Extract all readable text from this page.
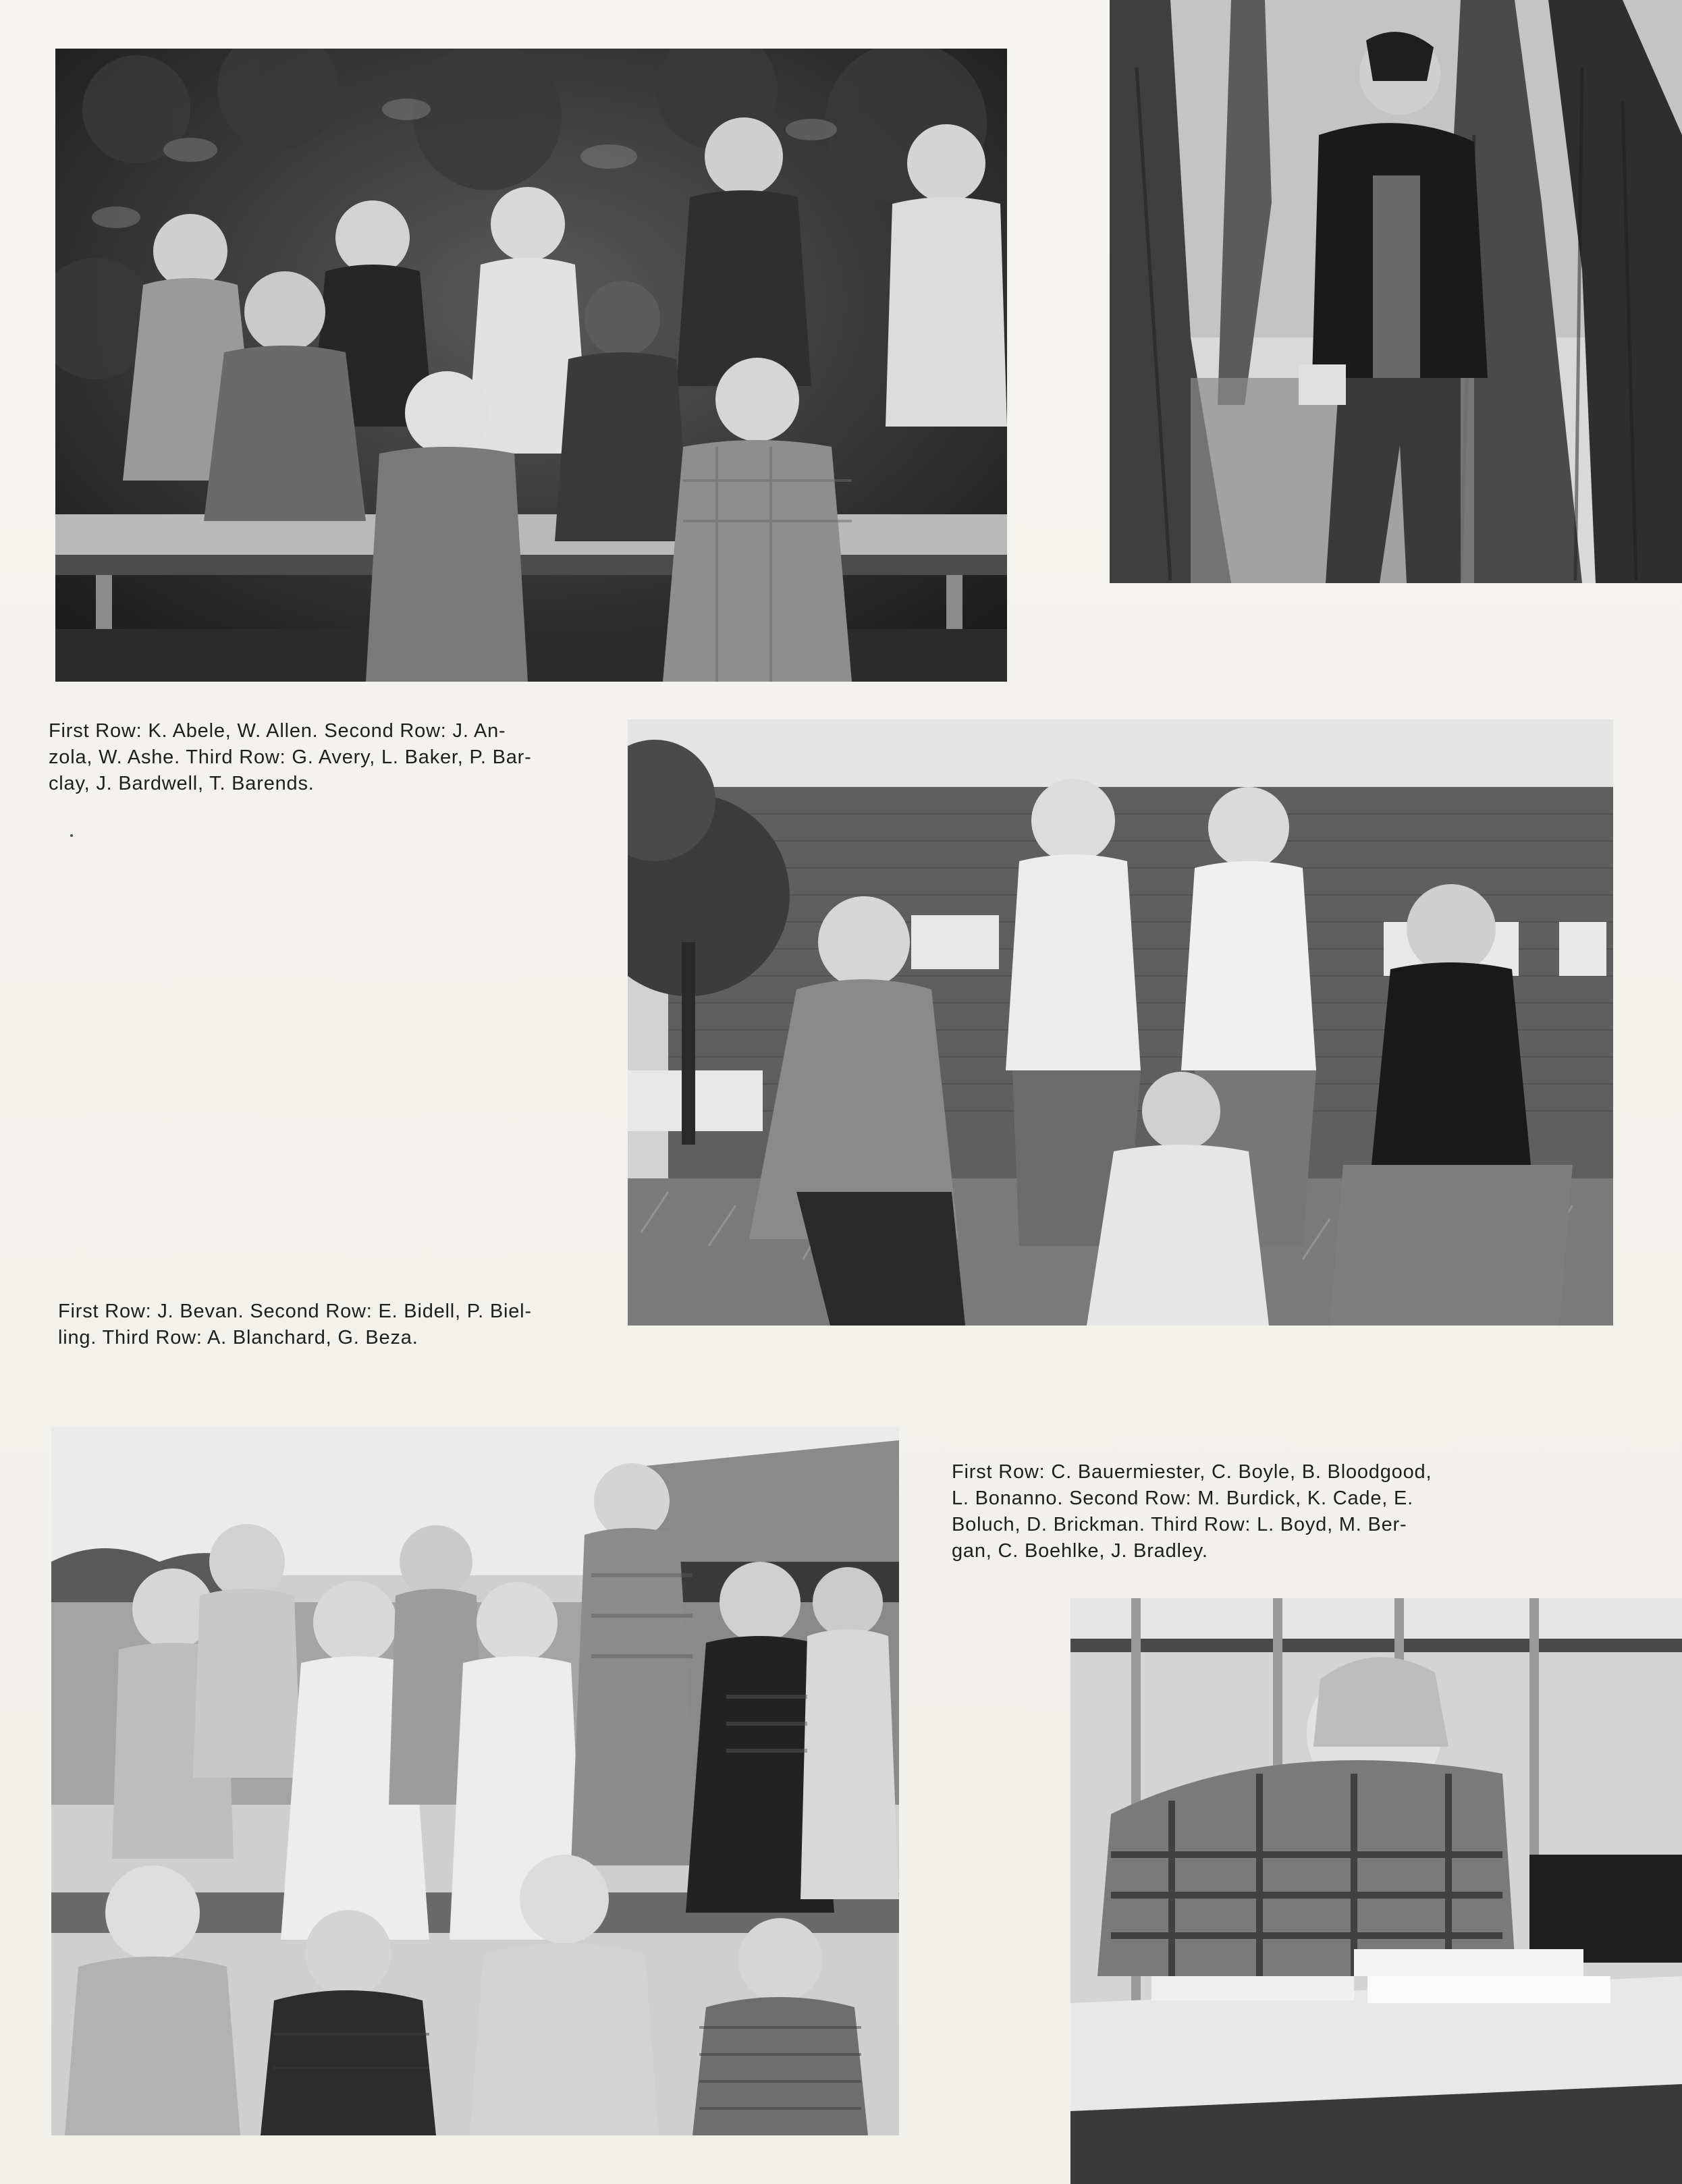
First Row: K. Abele, W. Allen. Second Row: J. An-
zola, W. Ashe. Third Row: G. Avery, L. Baker, P. Bar-
clay, J. Bardwell, T. Barends.

First Row: J. Bevan. Second Row: E. Bidell, P. Biel-
ling. Third Row: A. Blanchard, G. Beza.

First Row: C. Bauermiester, C. Boyle, B. Bloodgood,
L. Bonanno. Second Row: M. Burdick, K. Cade, E.
Boluch, D. Brickman. Third Row: L. Boyd, M. Ber-
gan, C. Boehlke, J. Bradley.
